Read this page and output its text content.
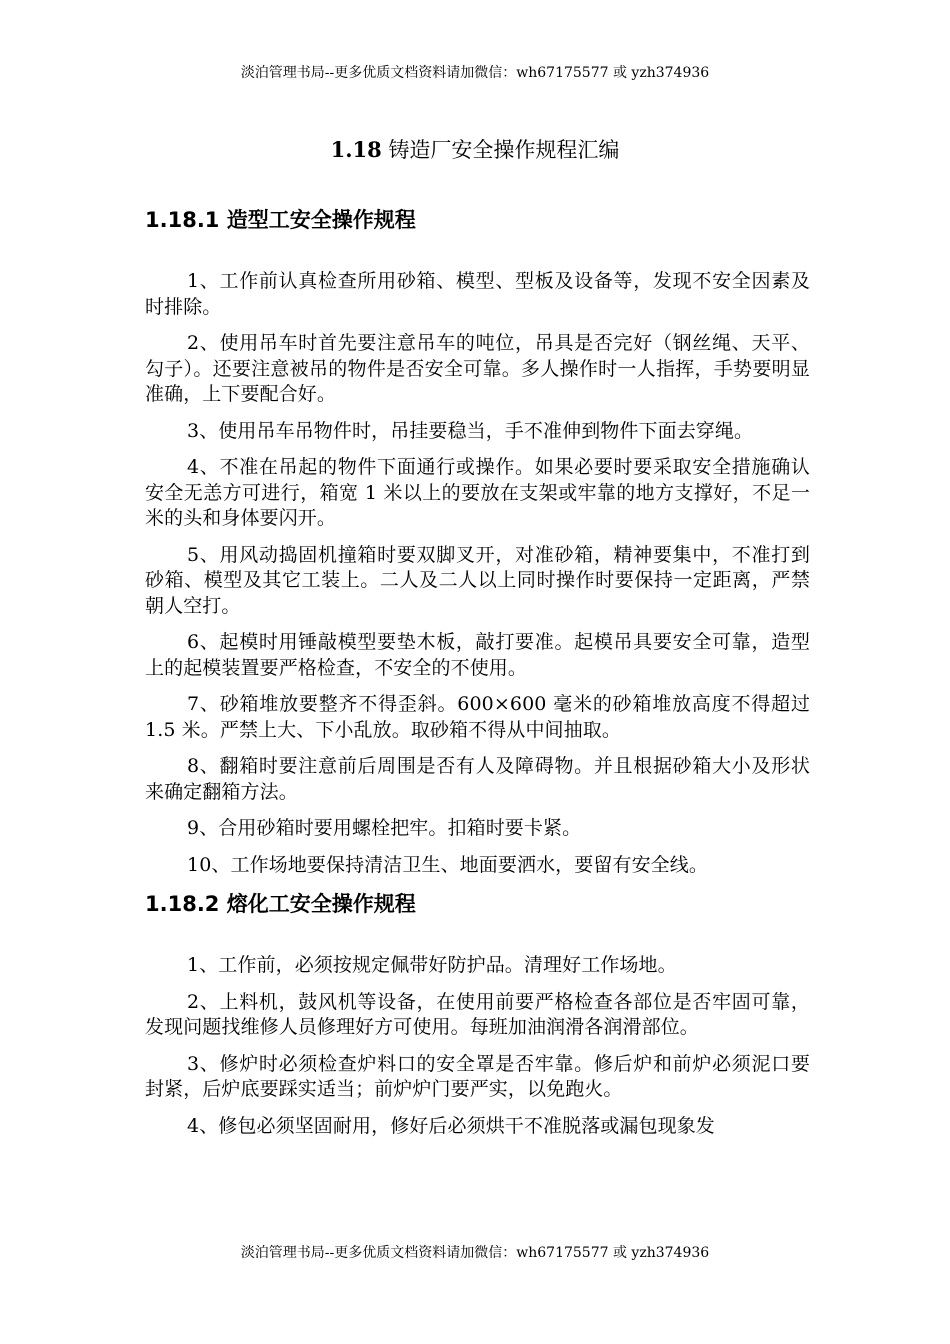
淡泊管理书局--更多优质文档资料请加微信：wh67175577 或 yzh374936
1.18 铸造厂安全操作规程汇编
1.18.1 造型工安全操作规程

1、工作前认真检查所用砂箱、模型、型板及设备等，发现不安全因素及时排除。

2、使用吊车时首先要注意吊车的吨位，吊具是否完好（钢丝绳、天平、勾子）。还要注意被吊的物件是否安全可靠。多人操作时一人指挥，手势要明显准确，上下要配合好。

3、使用吊车吊物件时，吊挂要稳当，手不准伸到物件下面去穿绳。

4、不准在吊起的物件下面通行或操作。如果必要时要采取安全措施确认安全无恙方可进行，箱宽 1 米以上的要放在支架或牢靠的地方支撑好，不足一米的头和身体要闪开。

5、用风动捣固机撞箱时要双脚叉开，对准砂箱，精神要集中，不准打到砂箱、模型及其它工装上。二人及二人以上同时操作时要保持一定距离，严禁朝人空打。

6、起模时用锤敲模型要垫木板，敲打要准。起模吊具要安全可靠，造型上的起模装置要严格检查，不安全的不使用。

7、砂箱堆放要整齐不得歪斜。600×600 毫米的砂箱堆放高度不得超过 1.5 米。严禁上大、下小乱放。取砂箱不得从中间抽取。

8、翻箱时要注意前后周围是否有人及障碍物。并且根据砂箱大小及形状来确定翻箱方法。

9、合用砂箱时要用螺栓把牢。扣箱时要卡紧。

10、工作场地要保持清洁卫生、地面要洒水，要留有安全线。

1.18.2 熔化工安全操作规程

1、工作前，必须按规定佩带好防护品。清理好工作场地。

2、上料机，鼓风机等设备，在使用前要严格检查各部位是否牢固可靠，发现问题找维修人员修理好方可使用。每班加油润滑各润滑部位。

3、修炉时必须检查炉料口的安全罩是否牢靠。修后炉和前炉必须泥口要封紧，后炉底要踩实适当；前炉炉门要严实，以免跑火。

4、修包必须坚固耐用，修好后必须烘干不准脱落或漏包现象发

淡泊管理书局--更多优质文档资料请加微信：wh67175577 或 yzh374936
